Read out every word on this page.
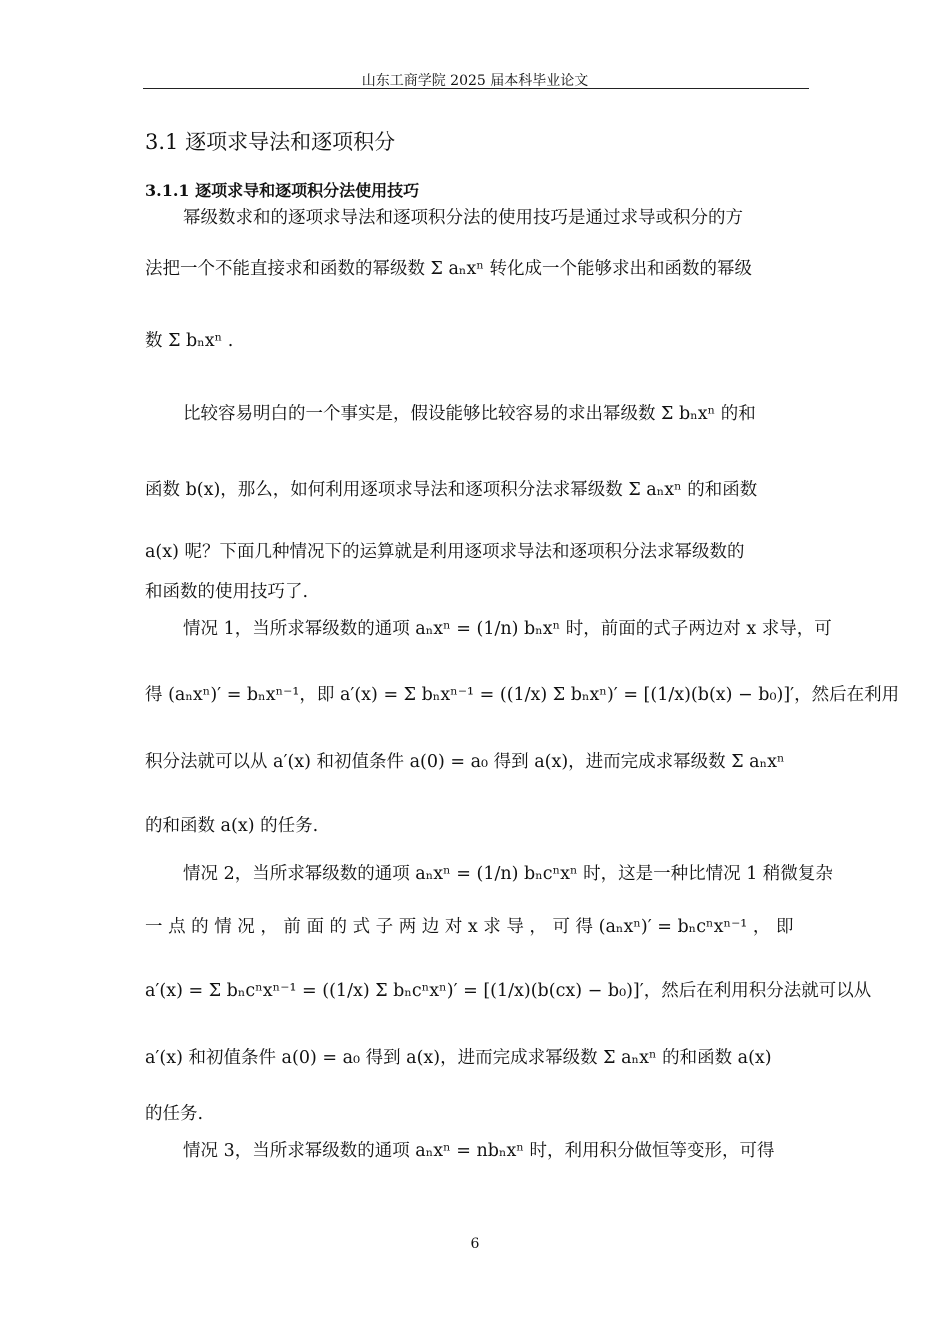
山东工商学院 2025 届本科毕业论文
3.1 逐项求导法和逐项积分
3.1.1 逐项求导和逐项积分法使用技巧
幂级数求和的逐项求导法和逐项积分法的使用技巧是通过求导或积分的方
法把一个不能直接求和函数的幂级数 Σ aₙxⁿ 转化成一个能够求出和函数的幂级
数 Σ bₙxⁿ .
比较容易明白的一个事实是，假设能够比较容易的求出幂级数 Σ bₙxⁿ 的和
函数 b(x)，那么，如何利用逐项求导法和逐项积分法求幂级数 Σ aₙxⁿ 的和函数
a(x) 呢？下面几种情况下的运算就是利用逐项求导法和逐项积分法求幂级数的
和函数的使用技巧了.
情况 1，当所求幂级数的通项 aₙxⁿ = (1/n) bₙxⁿ 时，前面的式子两边对 x 求导，可
得 (aₙxⁿ)′ = bₙxⁿ⁻¹，即 a′(x) = Σ bₙxⁿ⁻¹ = ((1/x) Σ bₙxⁿ)′ = [(1/x)(b(x) − b₀)]′，然后在利用
积分法就可以从 a′(x) 和初值条件 a(0) = a₀ 得到 a(x)，进而完成求幂级数 Σ aₙxⁿ
的和函数 a(x) 的任务.
情况 2，当所求幂级数的通项 aₙxⁿ = (1/n) bₙcⁿxⁿ 时，这是一种比情况 1 稍微复杂
一 点 的 情 况 ， 前 面 的 式 子 两 边 对 x 求 导 ， 可 得 (aₙxⁿ)′ = bₙcⁿxⁿ⁻¹ ， 即
a′(x) = Σ bₙcⁿxⁿ⁻¹ = ((1/x) Σ bₙcⁿxⁿ)′ = [(1/x)(b(cx) − b₀)]′，然后在利用积分法就可以从
a′(x) 和初值条件 a(0) = a₀ 得到 a(x)，进而完成求幂级数 Σ aₙxⁿ 的和函数 a(x)
的任务.
情况 3，当所求幂级数的通项 aₙxⁿ = nbₙxⁿ 时，利用积分做恒等变形，可得
6
